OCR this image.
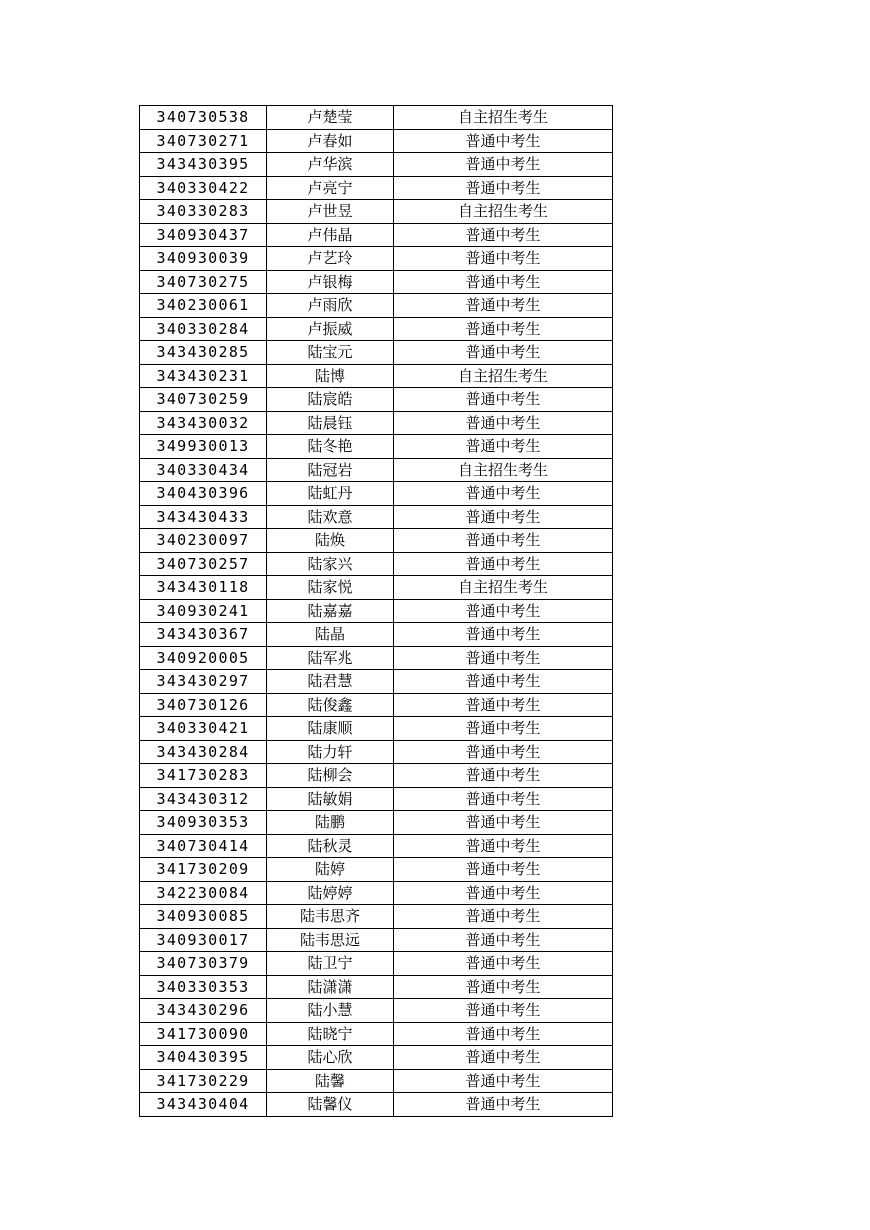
340730538	卢楚莹	自主招生考生
340730271	卢春如	普通中考生
343430395	卢华滨	普通中考生
340330422	卢亮宁	普通中考生
340330283	卢世昱	自主招生考生
340930437	卢伟晶	普通中考生
340930039	卢艺玲	普通中考生
340730275	卢银梅	普通中考生
340230061	卢雨欣	普通中考生
340330284	卢振威	普通中考生
343430285	陆宝元	普通中考生
343430231	陆博	自主招生考生
340730259	陆宸皓	普通中考生
343430032	陆晨钰	普通中考生
349930013	陆冬艳	普通中考生
340330434	陆冠岩	自主招生考生
340430396	陆虹丹	普通中考生
343430433	陆欢意	普通中考生
340230097	陆焕	普通中考生
340730257	陆家兴	普通中考生
343430118	陆家悦	自主招生考生
340930241	陆嘉嘉	普通中考生
343430367	陆晶	普通中考生
340920005	陆军兆	普通中考生
343430297	陆君慧	普通中考生
340730126	陆俊鑫	普通中考生
340330421	陆康顺	普通中考生
343430284	陆力轩	普通中考生
341730283	陆柳会	普通中考生
343430312	陆敏娟	普通中考生
340930353	陆鹏	普通中考生
340730414	陆秋灵	普通中考生
341730209	陆婷	普通中考生
342230084	陆婷婷	普通中考生
340930085	陆韦思齐	普通中考生
340930017	陆韦思远	普通中考生
340730379	陆卫宁	普通中考生
340330353	陆潇潇	普通中考生
343430296	陆小慧	普通中考生
341730090	陆晓宁	普通中考生
340430395	陆心欣	普通中考生
341730229	陆馨	普通中考生
343430404	陆馨仪	普通中考生
